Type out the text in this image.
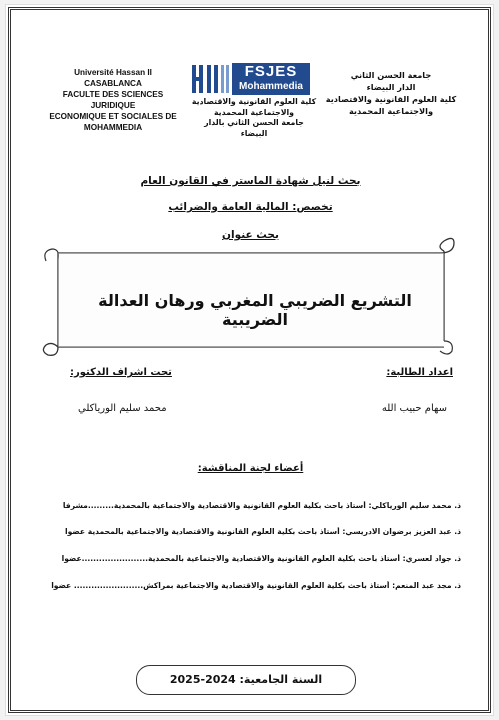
Université Hassan II
CASABLANCA
FACULTE DES SCIENCES JURIDIQUE
ECONOMIQUE ET SOCIALES DE
MOHAMMEDIA
FSJES
Mohammedia
كلية العلوم القانونية والاقتصادية
والاجتماعية المحمدية
جامعة الحسن الثاني بالدار البيضاء
جامعة الحسن الثاني
الدار البيضاء
كلية العلوم القانونية والاقتصادية
والاجتماعية المحمدية
بحث لنيل شهادة الماستر في القانون العام
تخصص: المالية العامة والضرائب
بحث عنوان
التشريع الضريبي المغربي ورهان العدالة الضريبية
اعداد الطالبة:
سهام حبيب الله
تحت اشراف الدكتور:
محمد سليم الورياكلي
أعضاء لجنة المناقشة:
ذ. محمد سليم الورياكلي: أستاذ باحث بكلية العلوم القانونية والاقتصادية والاجتماعية بالمحمدية.........مشرفا
ذ. عبد العزيز برضوان الادريسي: أستاذ باحث بكلية العلوم القانونية والاقتصادية والاجتماعية بالمحمدية عضوا
ذ. جواد لعسري: أستاذ باحث بكلية العلوم القانونية والاقتصادية والاجتماعية بالمحمدية.......................عضوا
ذ. مجد عبد المنعم: أستاذ باحث بكلية العلوم القانونية والاقتصادية والاجتماعية بمراكش........................ عضوا
السنة الجامعية: 2024-2025
